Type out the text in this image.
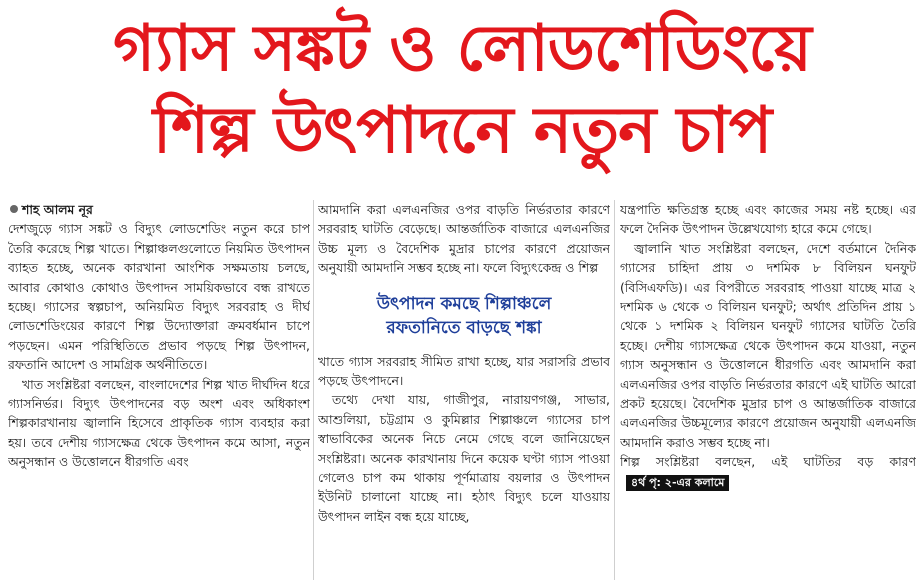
গ্যাস সঙ্কট ও লোডশেডিংয়ে
শিল্প উৎপাদনে নতুন চাপ

শাহ আলম নূর

দেশজুড়ে গ্যাস সঙ্কট ও বিদ্যুৎ লোডশেডিং নতুন করে চাপ তৈরি করেছে শিল্প খাতে। শিল্পাঞ্চলগুলোতে নিয়মিত উৎপাদন ব্যাহত হচ্ছে, অনেক কারখানা আংশিক সক্ষমতায় চলছে, আবার কোথাও কোথাও উৎপাদন সাময়িকভাবে বন্ধ রাখতে হচ্ছে। গ্যাসের স্বল্পচাপ, অনিয়মিত বিদ্যুৎ সরবরাহ ও দীর্ঘ লোডশেডিংয়ের কারণে শিল্প উদ্যোক্তারা ক্রমবর্ধমান চাপে পড়ছেন। এমন পরিস্থিতিতে প্রভাব পড়ছে শিল্প উৎপাদন, রফতানি আদেশ ও সামগ্রিক অর্থনীতিতে।

খাত সংশ্লিষ্টরা বলছেন, বাংলাদেশের শিল্প খাত দীর্ঘদিন ধরে গ্যাসনির্ভর। বিদ্যুৎ উৎপাদনের বড় অংশ এবং অধিকাংশ শিল্পকারখানায় জ্বালানি হিসেবে প্রাকৃতিক গ্যাস ব্যবহার করা হয়। তবে দেশীয় গ্যাসক্ষেত্র থেকে উৎপাদন কমে আসা, নতুন অনুসন্ধান ও উত্তোলনে ধীরগতি এবং

আমদানি করা এলএনজির ওপর বাড়তি নির্ভরতার কারণে সরবরাহ ঘাটতি বেড়েছে। আন্তর্জাতিক বাজারে এলএনজির উচ্চ মূল্য ও বৈদেশিক মুদ্রার চাপের কারণে প্রয়োজন অনুযায়ী আমদানি সম্ভব হচ্ছে না। ফলে বিদ্যুৎকেন্দ্র ও শিল্প

উৎপাদন কমছে শিল্পাঞ্চলে
রফতানিতে বাড়ছে শঙ্কা

খাতে গ্যাস সরবরাহ সীমিত রাখা হচ্ছে, যার সরাসরি প্রভাব পড়ছে উৎপাদনে।

তথ্যে দেখা যায়, গাজীপুর, নারায়ণগঞ্জ, সাভার, আশুলিয়া, চট্টগ্রাম ও কুমিল্লার শিল্পাঞ্চলে গ্যাসের চাপ স্বাভাবিকের অনেক নিচে নেমে গেছে বলে জানিয়েছেন সংশ্লিষ্টরা। অনেক কারখানায় দিনে কয়েক ঘণ্টা গ্যাস পাওয়া গেলেও চাপ কম থাকায় পূর্ণমাত্রায় বয়লার ও উৎপাদন ইউনিট চালানো যাচ্ছে না। হঠাৎ বিদ্যুৎ চলে যাওয়ায় উৎপাদন লাইন বন্ধ হয়ে যাচ্ছে,

যন্ত্রপাতি ক্ষতিগ্রস্ত হচ্ছে এবং কাজের সময় নষ্ট হচ্ছে। এর ফলে দৈনিক উৎপাদন উল্লেখযোগ্য হারে কমে গেছে।

জ্বালানি খাত সংশ্লিষ্টরা বলছেন, দেশে বর্তমানে দৈনিক গ্যাসের চাহিদা প্রায় ৩ দশমিক ৮ বিলিয়ন ঘনফুট (বিসিএফডি)। এর বিপরীতে সরবরাহ পাওয়া যাচ্ছে মাত্র ২ দশমিক ৬ থেকে ৩ বিলিয়ন ঘনফুট; অর্থাৎ প্রতিদিন প্রায় ১ থেকে ১ দশমিক ২ বিলিয়ন ঘনফুট গ্যাসের ঘাটতি তৈরি হচ্ছে। দেশীয় গ্যাসক্ষেত্র থেকে উৎপাদন কমে যাওয়া, নতুন গ্যাস অনুসন্ধান ও উত্তোলনে ধীরগতি এবং আমদানি করা এলএনজির ওপর বাড়তি নির্ভরতার কারণে এই ঘাটতি আরো প্রকট হয়েছে। বৈদেশিক মুদ্রার চাপ ও আন্তর্জাতিক বাজারে এলএনজির উচ্চমূল্যের কারণে প্রয়োজন অনুযায়ী এলএনজি আমদানি করাও সম্ভব হচ্ছে না।

শিল্প সংশ্লিষ্টরা বলছেন, এই ঘাটতির বড় কারণ৪র্থ পৃ: ২-এর কলামে
